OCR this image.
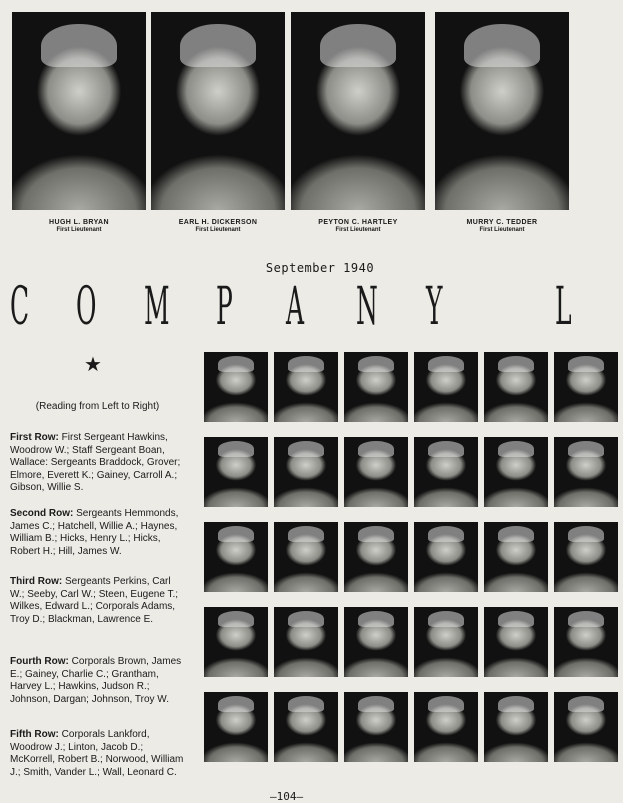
HUGH L. BRYAN
First Lieutenant
EARL H. DICKERSON
First Lieutenant
PEYTON C. HARTLEY
First Lieutenant
MURRY C. TEDDER
First Lieutenant
September 1940
C O M P A N Y L
★
(Reading from Left to Right)
First Row: First Sergeant Hawkins, Woodrow W.; Staff Sergeant Boan, Wallace: Sergeants Braddock, Grover; Elmore, Everett K.; Gainey, Carroll A.; Gibson, Willie S.
Second Row: Sergeants Hemmonds, James C.; Hatchell, Willie A.; Haynes, William B.; Hicks, Henry L.; Hicks, Robert H.; Hill, James W.
Third Row: Sergeants Perkins, Carl W.; Seeby, Carl W.; Steen, Eugene T.; Wilkes, Edward L.; Corporals Adams, Troy D.; Blackman, Lawrence E.
Fourth Row: Corporals Brown, James E.; Gainey, Charlie C.; Grantham, Harvey L.; Hawkins, Judson R.; Johnson, Dargan; Johnson, Troy W.
Fifth Row: Corporals Lankford, Woodrow J.; Linton, Jacob D.; McKorrell, Robert B.; Norwood, William J.; Smith, Vander L.; Wall, Leonard C.
—104—
